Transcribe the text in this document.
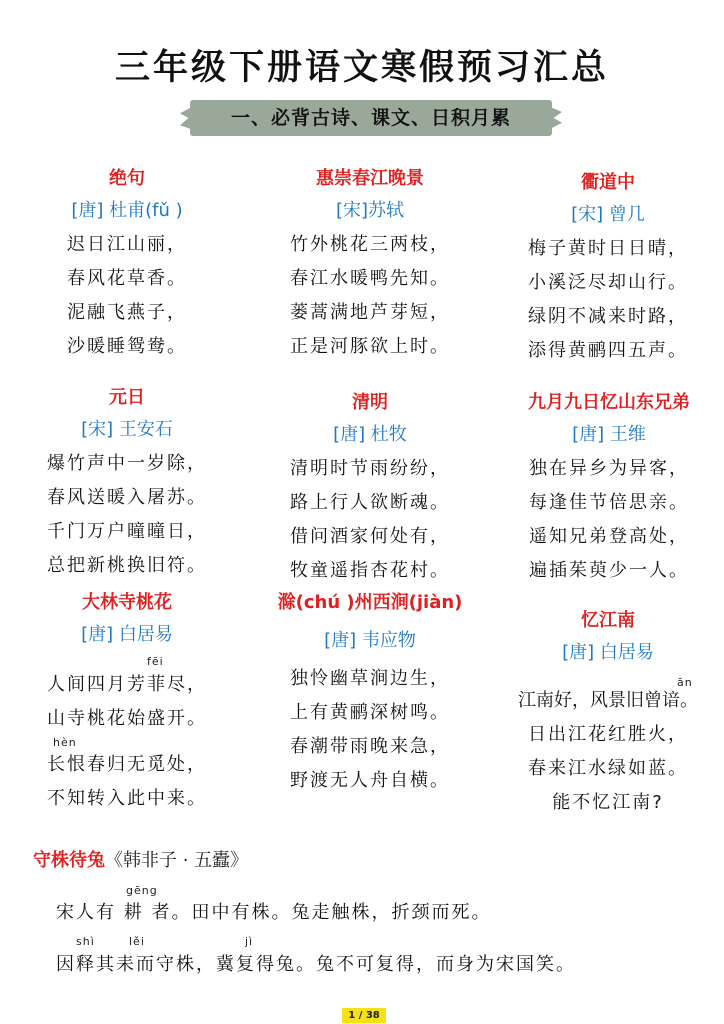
三年级下册语文寒假预习汇总
一、必背古诗、课文、日积月累
绝句
[唐] 杜甫(fǔ )
迟日江山丽，
春风花草香。
泥融飞燕子，
沙暖睡鸳鸯。
惠崇春江晚景
[宋]苏轼
竹外桃花三两枝，
春江水暖鸭先知。
蒌蒿满地芦芽短，
正是河豚欲上时。
衢道中
[宋] 曾几
梅子黄时日日晴，
小溪泛尽却山行。
绿阴不减来时路，
添得黄鹂四五声。
元日
[宋] 王安石
爆竹声中一岁除，
春风送暖入屠苏。
千门万户曈曈日，
总把新桃换旧符。
清明
[唐] 杜牧
清明时节雨纷纷，
路上行人欲断魂。
借问酒家何处有，
牧童遥指杏花村。
九月九日忆山东兄弟
[唐] 王维
独在异乡为异客，
每逢佳节倍思亲。
遥知兄弟登高处，
遍插茱萸少一人。
大林寺桃花
[唐] 白居易
人间四月芳菲尽，
山寺桃花始盛开。
长恨春归无觅处，
不知转入此中来。
滁(chú )州西涧(jiàn)
[唐] 韦应物
独怜幽草涧边生，
上有黄鹂深树鸣。
春潮带雨晚来急，
野渡无人舟自横。
忆江南
[唐] 白居易
江南好，风景旧曾谙。
日出江花红胜火，
春来江水绿如蓝。
能不忆江南?
fēi
hèn
ān
gēng
shì	lěi	jì
守株待兔《韩非子 · 五蠹》
宋人有 耕 者。田中有株。兔走触株，折颈而死。
因释其耒而守株，冀复得兔。兔不可复得，而身为宋国笑。
1 / 38
